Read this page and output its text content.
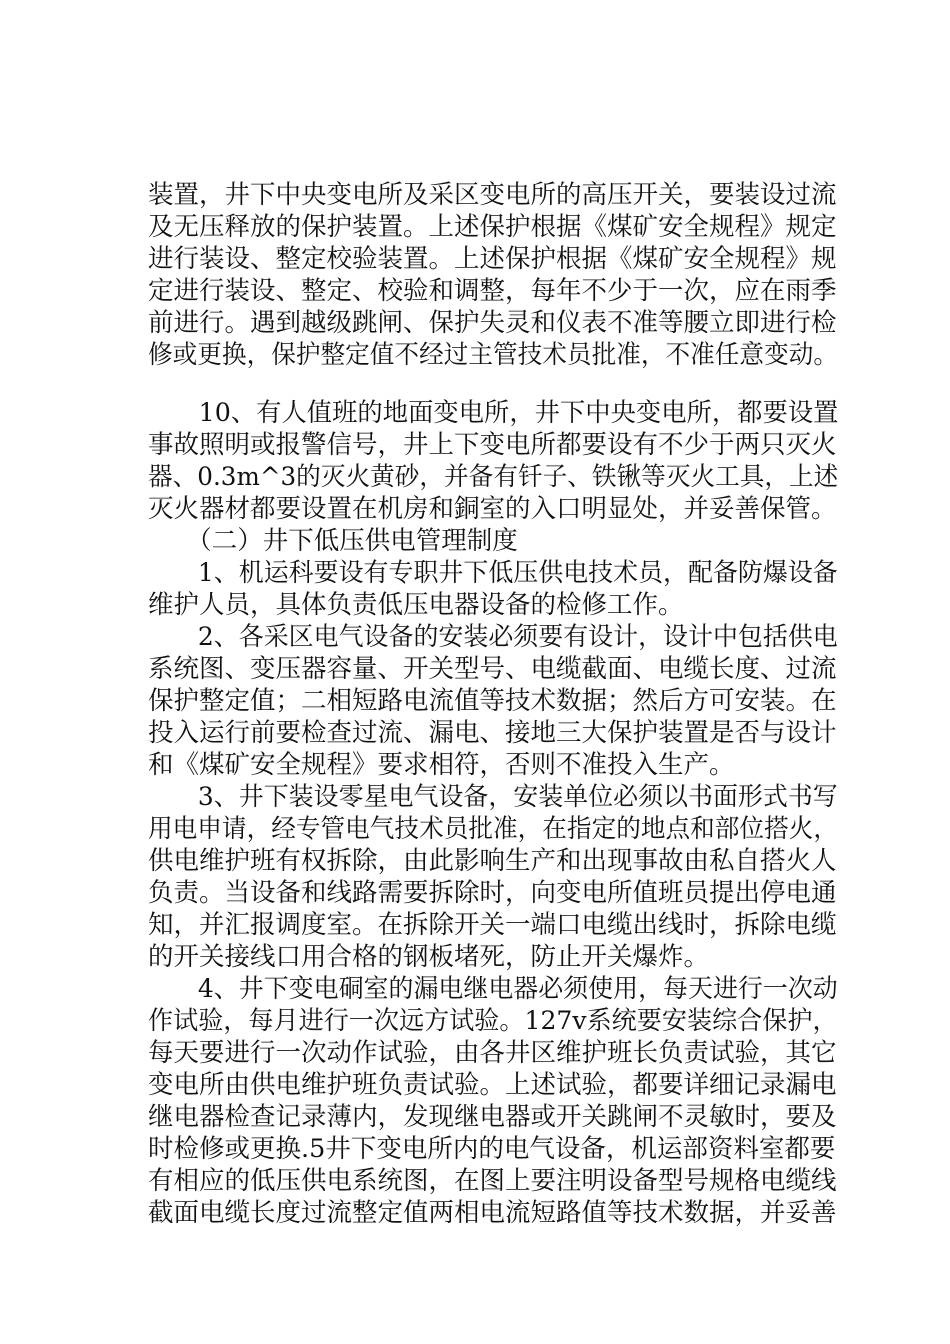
装置，井下中央变电所及采区变电所的高压开关，要装设过流
及无压释放的保护装置。上述保护根据《煤矿安全规程》规定
进行装设、整定校验装置。上述保护根据《煤矿安全规程》规
定进行装设、整定、校验和调整，每年不少于一次，应在雨季
前进行。遇到越级跳闸、保护失灵和仪表不准等腰立即进行检
修或更换，保护整定值不经过主管技术员批准，不准任意变动。
　　10、有人值班的地面变电所，井下中央变电所，都要设置
事故照明或报警信号，井上下变电所都要设有不少于两只灭火
器、0.3m^3的灭火黄砂，并备有钎子、铁锹等灭火工具，上述
灭火器材都要设置在机房和銅室的入口明显处，并妥善保管。
　　（二）井下低压供电管理制度
　　1、机运科要设有专职井下低压供电技术员，配备防爆设备
维护人员，具体负责低压电器设备的检修工作。
　　2、各采区电气设备的安装必须要有设计，设计中包括供电
系统图、变压器容量、开关型号、电缆截面、电缆长度、过流
保护整定值；二相短路电流值等技术数据；然后方可安装。在
投入运行前要检查过流、漏电、接地三大保护装置是否与设计
和《煤矿安全规程》要求相符，否则不准投入生产。
　　3、井下装设零星电气设备，安装单位必须以书面形式书写
用电申请，经专管电气技术员批准，在指定的地点和部位搭火，
供电维护班有权拆除，由此影响生产和出现事故由私自搭火人
负责。当设备和线路需要拆除时，向变电所值班员提出停电通
知，并汇报调度室。在拆除开关一端口电缆出线时，拆除电缆
的开关接线口用合格的钢板堵死，防止开关爆炸。
　　4、井下变电硐室的漏电继电器必须使用，每天进行一次动
作试验，每月进行一次远方试验。127v系统要安装综合保护，
每天要进行一次动作试验，由各井区维护班长负责试验，其它
变电所由供电维护班负责试验。上述试验，都要详细记录漏电
继电器检查记录薄内，发现继电器或开关跳闸不灵敏时，要及
时检修或更换.5井下变电所内的电气设备，机运部资料室都要
有相应的低压供电系统图，在图上要注明设备型号规格电缆线
截面电缆长度过流整定值两相电流短路值等技术数据，并妥善
